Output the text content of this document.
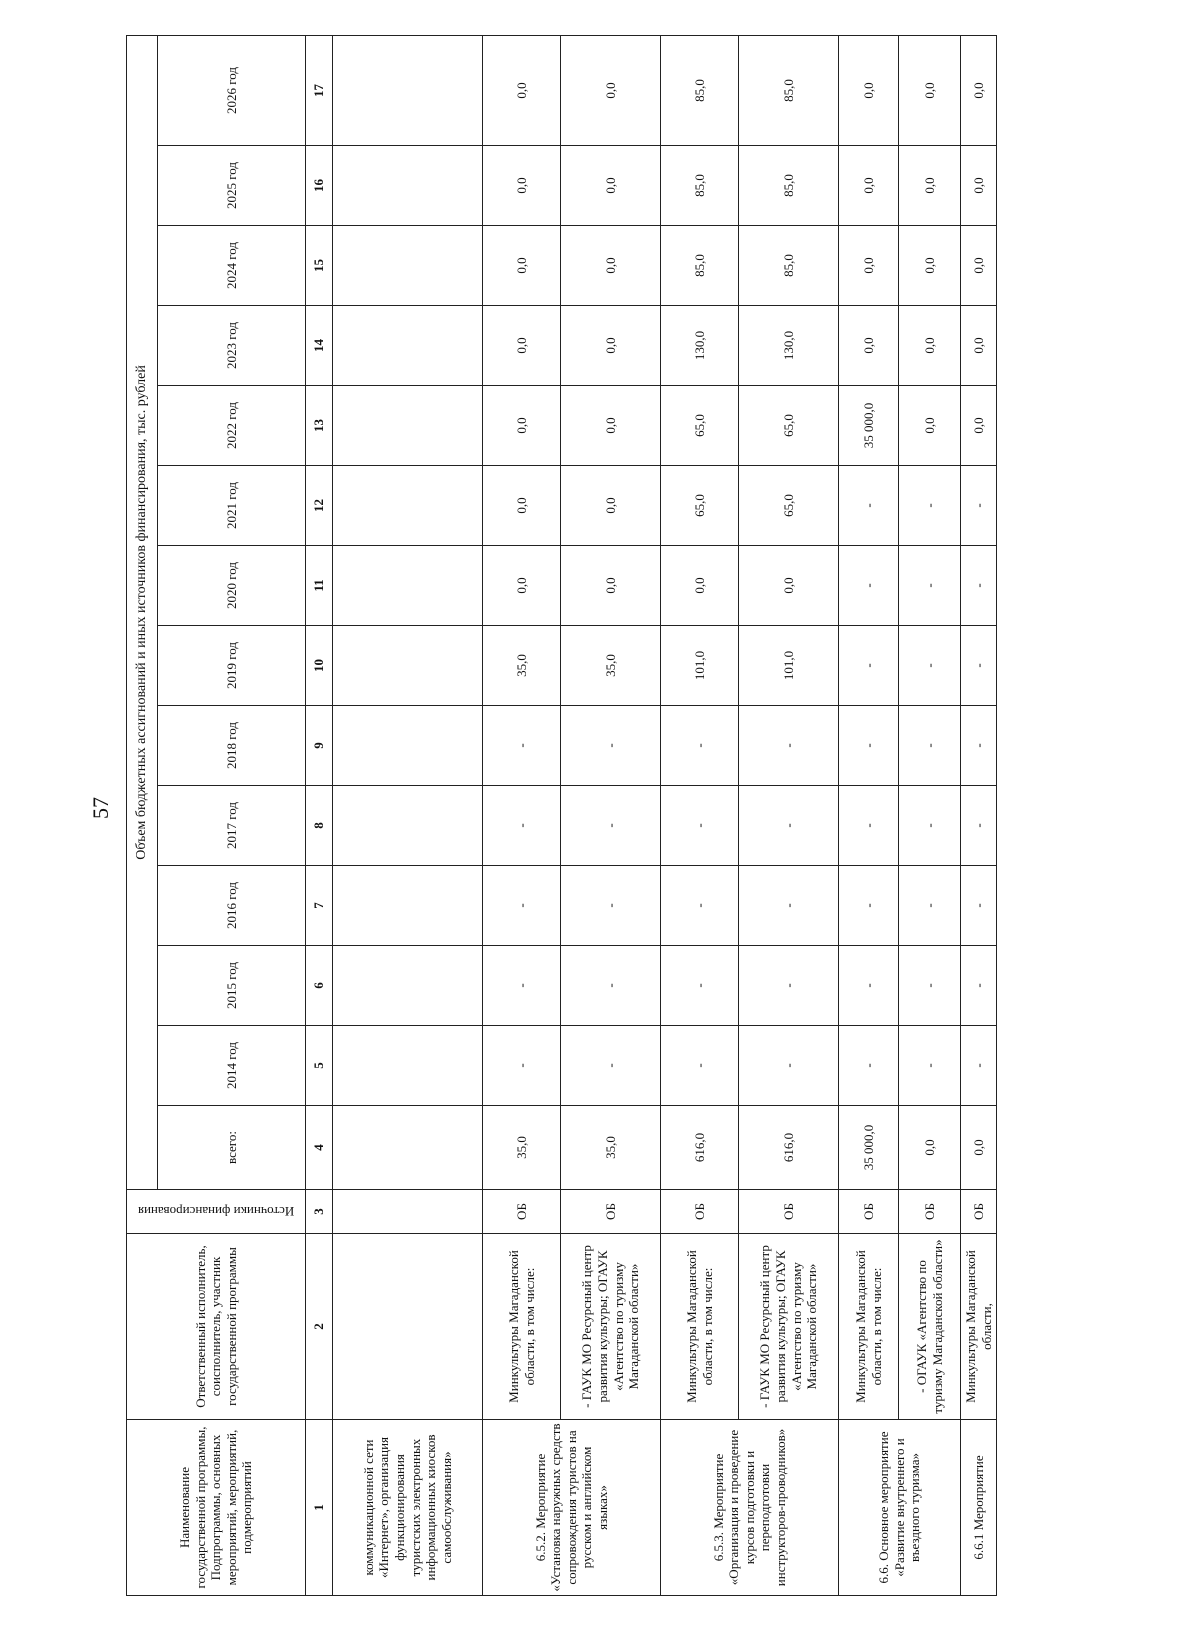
57
Наименование государственной программы, Подпрограммы, основных мероприятий, мероприятий, подмероприятий	Ответственный исполнитель, соисполнитель, участник государственной программы	Источники финансирования	Объем бюджетных ассигнований и иных источников финансирования, тыс. рублей													
			всего:	2014 год	2015 год	2016 год	2017 год	2018 год	2019 год	2020 год	2021 год	2022 год	2023 год	2024 год	2025 год	2026 год
1	2	3	4	5	6	7	8	9	10	11	12	13	14	15	16	17
коммуникационной сети «Интернет», организация функционирования туристских электронных информационных киосков самообслуживания»																
6.5.2. Мероприятие «Установка наружных средств сопровождения туристов на русском и английском языках»	Минкультуры Магаданской области, в том числе:	ОБ	35,0	-	-	-	-	-	35,0	0,0	0,0	0,0	0,0	0,0	0,0	0,0
	- ГАУК МО Ресурсный центр развития культуры; ОГАУК «Агентство по туризму Магаданской области»	ОБ	35,0	-	-	-	-	-	35,0	0,0	0,0	0,0	0,0	0,0	0,0	0,0
6.5.3. Мероприятие «Организация и проведение курсов подготовки и переподготовки инструкторов-проводников»	Минкультуры Магаданской области, в том числе:	ОБ	616,0	-	-	-	-	-	101,0	0,0	65,0	65,0	130,0	85,0	85,0	85,0
	- ГАУК МО Ресурсный центр развития культуры; ОГАУК «Агентство по туризму Магаданской области»	ОБ	616,0	-	-	-	-	-	101,0	0,0	65,0	65,0	130,0	85,0	85,0	85,0
6.6. Основное мероприятие «Развитие внутреннего и въездного туризма»	Минкультуры Магаданской области, в том числе:	ОБ	35 000,0	-	-	-	-	-	-	-	-	35 000,0	0,0	0,0	0,0	0,0
	- ОГАУК «Агентство по туризму Магаданской области»	ОБ	0,0	-	-	-	-	-	-	-	-	0,0	0,0	0,0	0,0	0,0
6.6.1 Мероприятие	Минкультуры Магаданской области,	ОБ	0,0	-	-	-	-	-	-	-	-	0,0	0,0	0,0	0,0	0,0
